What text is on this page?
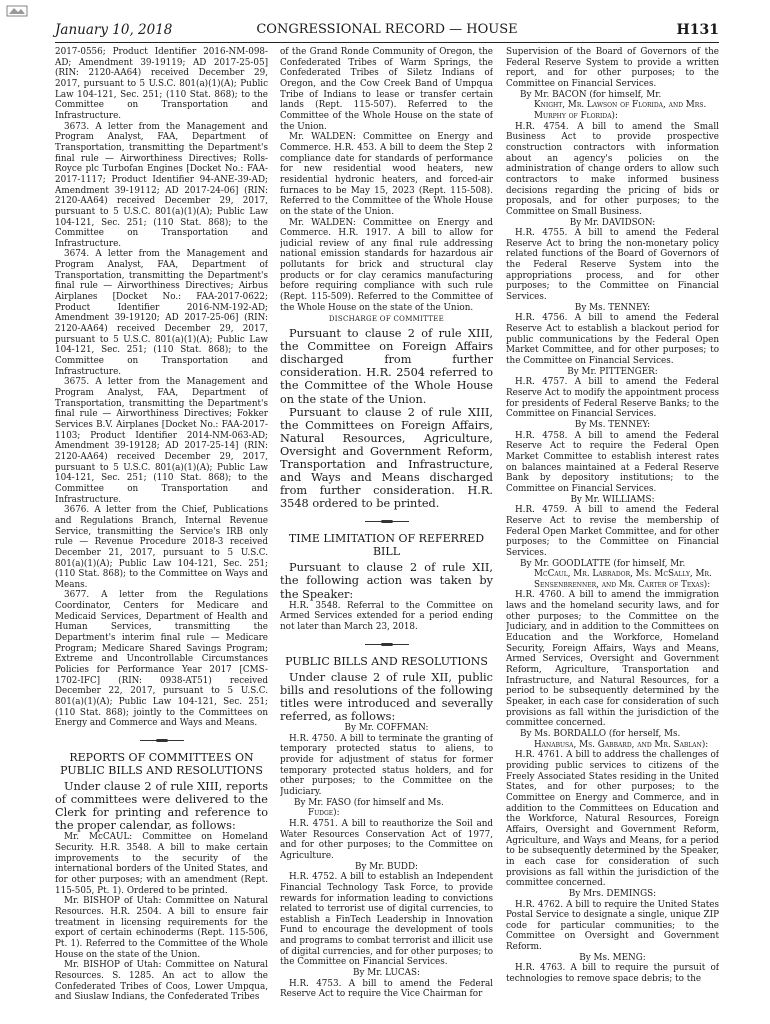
January 10, 2018	CONGRESSIONAL RECORD — HOUSE	H131

2017-0556; Product Identifier 2016-NM-098-AD; Amendment 39-19119; AD 2017-25-05] (RIN: 2120-AA64) received December 29, 2017, pursuant to 5 U.S.C. 801(a)(1)(A); Public Law 104-121, Sec. 251; (110 Stat. 868); to the Committee on Transportation and Infrastructure.

3673. A letter from the Management and Program Analyst, FAA, Department of Transportation, transmitting the Department's final rule — Airworthiness Directives; Rolls-Royce plc Turbofan Engines [Docket No.: FAA-2017-1117; Product Identifier 94-ANE-39-AD; Amendment 39-19112; AD 2017-24-06] (RIN: 2120-AA64) received December 29, 2017, pursuant to 5 U.S.C. 801(a)(1)(A); Public Law 104-121, Sec. 251; (110 Stat. 868); to the Committee on Transportation and Infrastructure.

3674. A letter from the Management and Program Analyst, FAA, Department of Transportation, transmitting the Department's final rule — Airworthiness Directives; Airbus Airplanes [Docket No.: FAA-2017-0622; Product Identifier 2016-NM-192-AD; Amendment 39-19120; AD 2017-25-06] (RIN: 2120-AA64) received December 29, 2017, pursuant to 5 U.S.C. 801(a)(1)(A); Public Law 104-121, Sec. 251; (110 Stat. 868); to the Committee on Transportation and Infrastructure.

3675. A letter from the Management and Program Analyst, FAA, Department of Transportation, transmitting the Department's final rule — Airworthiness Directives; Fokker Services B.V. Airplanes [Docket No.: FAA-2017-1103; Product Identifier 2014-NM-063-AD; Amendment 39-19128; AD 2017-25-14] (RIN: 2120-AA64) received December 29, 2017, pursuant to 5 U.S.C. 801(a)(1)(A); Public Law 104-121, Sec. 251; (110 Stat. 868); to the Committee on Transportation and Infrastructure.

3676. A letter from the Chief, Publications and Regulations Branch, Internal Revenue Service, transmitting the Service's IRB only rule — Revenue Procedure 2018-3 received December 21, 2017, pursuant to 5 U.S.C. 801(a)(1)(A); Public Law 104-121, Sec. 251; (110 Stat. 868); to the Committee on Ways and Means.

3677. A letter from the Regulations Coordinator, Centers for Medicare and Medicaid Services, Department of Health and Human Services, transmitting the Department's interim final rule — Medicare Program; Medicare Shared Savings Program; Extreme and Uncontrollable Circumstances Policies for Performance Year 2017 [CMS-1702-IFC] (RIN: 0938-AT51) received December 22, 2017, pursuant to 5 U.S.C. 801(a)(1)(A); Public Law 104-121, Sec. 251; (110 Stat. 868); jointly to the Committees on Energy and Commerce and Ways and Means.

REPORTS OF COMMITTEES ON PUBLIC BILLS AND RESOLUTIONS

Under clause 2 of rule XIII, reports of committees were delivered to the Clerk for printing and reference to the proper calendar, as follows:

Mr. McCAUL: Committee on Homeland Security. H.R. 3548. A bill to make certain improvements to the security of the international borders of the United States, and for other purposes; with an amendment (Rept. 115-505, Pt. 1). Ordered to be printed.

Mr. BISHOP of Utah: Committee on Natural Resources. H.R. 2504. A bill to ensure fair treatment in licensing requirements for the export of certain echinoderms (Rept. 115-506, Pt. 1). Referred to the Committee of the Whole House on the state of the Union.

Mr. BISHOP of Utah: Committee on Natural Resources. S. 1285. An act to allow the Confederated Tribes of Coos, Lower Umpqua, and Siuslaw Indians, the Confederated Tribes

of the Grand Ronde Community of Oregon, the Confederated Tribes of Warm Springs, the Confederated Tribes of Siletz Indians of Oregon, and the Cow Creek Band of Umpqua Tribe of Indians to lease or transfer certain lands (Rept. 115-507). Referred to the Committee of the Whole House on the state of the Union.

Mr. WALDEN: Committee on Energy and Commerce. H.R. 453. A bill to deem the Step 2 compliance date for standards of performance for new residential wood heaters, new residential hydronic heaters, and forced-air furnaces to be May 15, 2023 (Rept. 115-508). Referred to the Committee of the Whole House on the state of the Union.

Mr. WALDEN: Committee on Energy and Commerce. H.R. 1917. A bill to allow for judicial review of any final rule addressing national emission standards for hazardous air pollutants for brick and structural clay products or for clay ceramics manufacturing before requiring compliance with such rule (Rept. 115-509). Referred to the Committee of the Whole House on the state of the Union.

DISCHARGE OF COMMITTEE

Pursuant to clause 2 of rule XIII, the Committee on Foreign Affairs discharged from further consideration. H.R. 2504 referred to the Committee of the Whole House on the state of the Union.

Pursuant to clause 2 of rule XIII, the Committees on Foreign Affairs, Natural Resources, Agriculture, Oversight and Government Reform, Transportation and Infrastructure, and Ways and Means discharged from further consideration. H.R. 3548 ordered to be printed.

TIME LIMITATION OF REFERRED BILL

Pursuant to clause 2 of rule XII, the following action was taken by the Speaker:

H.R. 3548. Referral to the Committee on Armed Services extended for a period ending not later than March 23, 2018.

PUBLIC BILLS AND RESOLUTIONS

Under clause 2 of rule XII, public bills and resolutions of the following titles were introduced and severally referred, as follows:

By Mr. COFFMAN:

H.R. 4750. A bill to terminate the granting of temporary protected status to aliens, to provide for adjustment of status for former temporary protected status holders, and for other purposes; to the Committee on the Judiciary.

By Mr. FASO (for himself and Ms.

Fudge):

H.R. 4751. A bill to reauthorize the Soil and Water Resources Conservation Act of 1977, and for other purposes; to the Committee on Agriculture.

By Mr. BUDD:

H.R. 4752. A bill to establish an Independent Financial Technology Task Force, to provide rewards for information leading to convictions related to terrorist use of digital currencies, to establish a FinTech Leadership in Innovation Fund to encourage the development of tools and programs to combat terrorist and illicit use of digital currencies, and for other purposes; to the Committee on Financial Services.

By Mr. LUCAS:

H.R. 4753. A bill to amend the Federal Reserve Act to require the Vice Chairman for

Supervision of the Board of Governors of the Federal Reserve System to provide a written report, and for other purposes; to the Committee on Financial Services.

By Mr. BACON (for himself, Mr.

Knight, Mr. Lawson of Florida, and Mrs. Murphy of Florida):

H.R. 4754. A bill to amend the Small Business Act to provide prospective construction contractors with information about an agency's policies on the administration of change orders to allow such contractors to make informed business decisions regarding the pricing of bids or proposals, and for other purposes; to the Committee on Small Business.

By Mr. DAVIDSON:

H.R. 4755. A bill to amend the Federal Reserve Act to bring the non-monetary policy related functions of the Board of Governors of the Federal Reserve System into the appropriations process, and for other purposes; to the Committee on Financial Services.

By Ms. TENNEY:

H.R. 4756. A bill to amend the Federal Reserve Act to establish a blackout period for public communications by the Federal Open Market Committee, and for other purposes; to the Committee on Financial Services.

By Mr. PITTENGER:

H.R. 4757. A bill to amend the Federal Reserve Act to modify the appointment process for presidents of Federal Reserve Banks; to the Committee on Financial Services.

By Ms. TENNEY:

H.R. 4758. A bill to amend the Federal Reserve Act to require the Federal Open Market Committee to establish interest rates on balances maintained at a Federal Reserve Bank by depository institutions; to the Committee on Financial Services.

By Mr. WILLIAMS:

H.R. 4759. A bill to amend the Federal Reserve Act to revise the membership of Federal Open Market Committee, and for other purposes; to the Committee on Financial Services.

By Mr. GOODLATTE (for himself, Mr.

McCaul, Mr. Labrador, Ms. McSally, Mr. Sensenbrenner, and Mr. Carter of Texas):

H.R. 4760. A bill to amend the immigration laws and the homeland security laws, and for other purposes; to the Committee on the Judiciary, and in addition to the Committees on Education and the Workforce, Homeland Security, Foreign Affairs, Ways and Means, Armed Services, Oversight and Government Reform, Agriculture, Transportation and Infrastructure, and Natural Resources, for a period to be subsequently determined by the Speaker, in each case for consideration of such provisions as fall within the jurisdiction of the committee concerned.

By Ms. BORDALLO (for herself, Ms.

Hanabusa, Ms. Gabbard, and Mr. Sablan):

H.R. 4761. A bill to address the challenges of providing public services to citizens of the Freely Associated States residing in the United States, and for other purposes; to the Committee on Energy and Commerce, and in addition to the Committees on Education and the Workforce, Natural Resources, Foreign Affairs, Oversight and Government Reform, Agriculture, and Ways and Means, for a period to be subsequently determined by the Speaker, in each case for consideration of such provisions as fall within the jurisdiction of the committee concerned.

By Mrs. DEMINGS:

H.R. 4762. A bill to require the United States Postal Service to designate a single, unique ZIP code for particular communities; to the Committee on Oversight and Government Reform.

By Ms. MENG:

H.R. 4763. A bill to require the pursuit of technologies to remove space debris; to the
